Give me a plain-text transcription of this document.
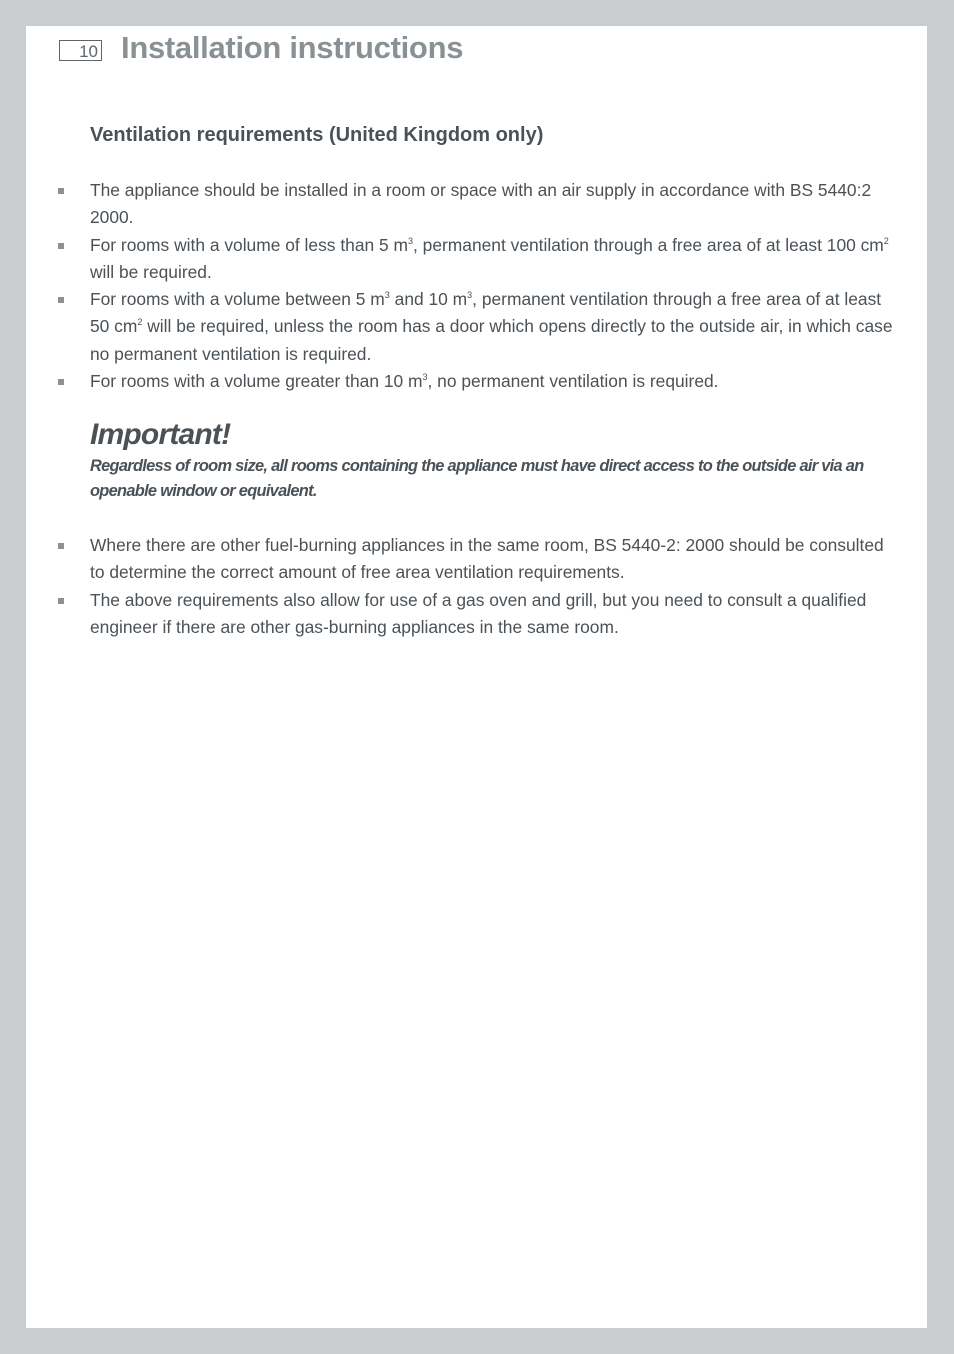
10 Installation instructions
Ventilation requirements (United Kingdom only)
The appliance should be installed in a room or space with an air supply in accordance with BS 5440:2 2000.
For rooms with a volume of less than 5 $m^3$, permanent ventilation through a free area of at least 100 $cm^2$ will be required.
For rooms with a volume between 5 $m^3$ and 10 $m^3$, permanent ventilation through a free area of at least 50 $cm^2$ will be required, unless the room has a door which opens directly to the outside air, in which case no permanent ventilation is required.
For rooms with a volume greater than 10 $m^3$, no permanent ventilation is required.
Important!

Regardless of room size, all rooms containing the appliance must have direct access to the outside air via an openable window or equivalent.

Where there are other fuel-burning appliances in the same room, BS 5440-2: 2000 should be consulted to determine the correct amount of free area ventilation requirements.
The above requirements also allow for use of a gas oven and grill, but you need to consult a qualified engineer if there are other gas-burning appliances in the same room.
